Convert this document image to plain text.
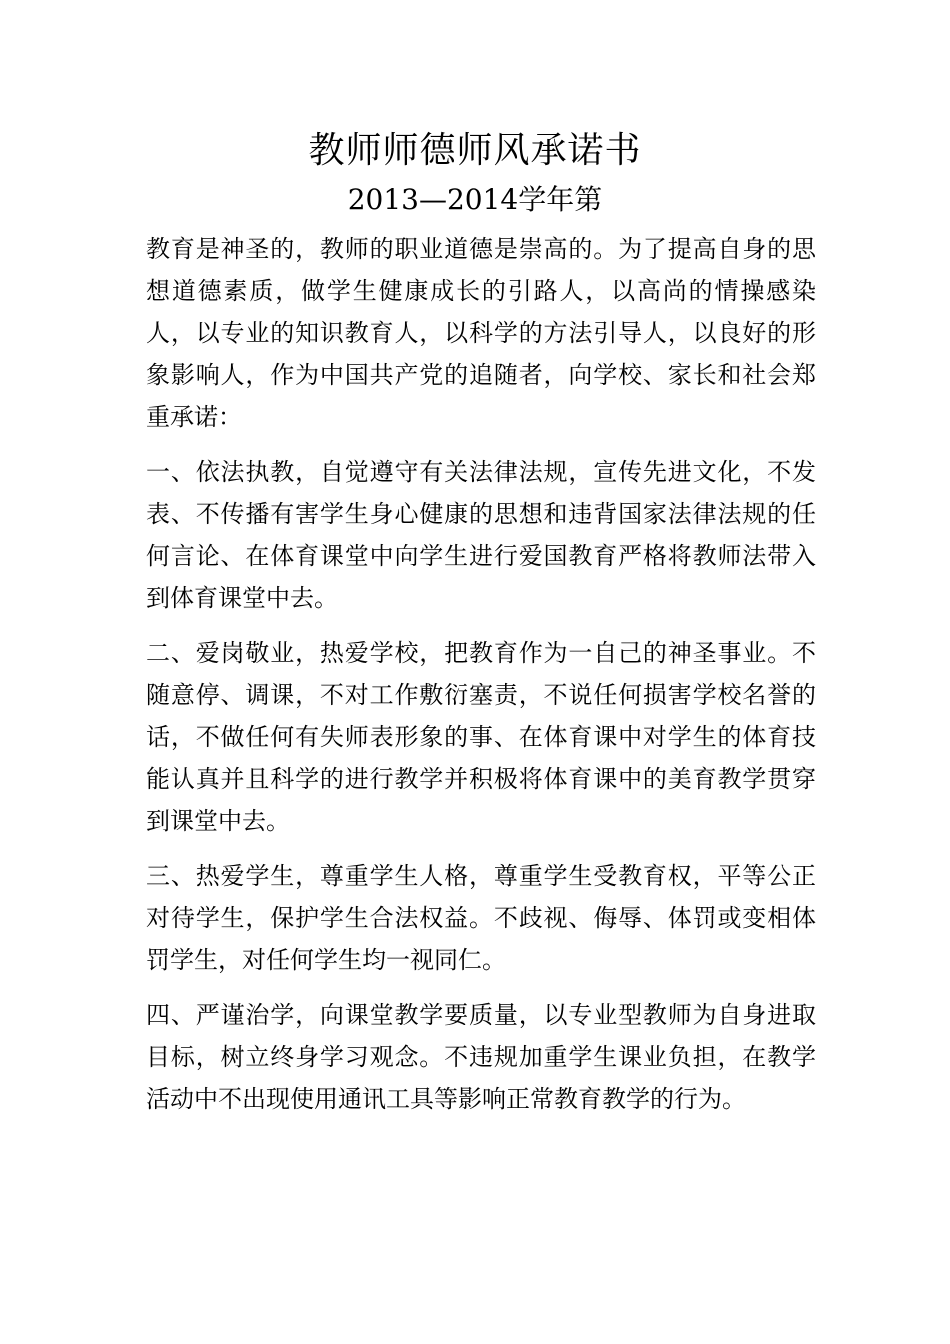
教师师德师风承诺书
2013—2014学年第

教育是神圣的，教师的职业道德是崇高的。为了提高自身的思想道德素质，做学生健康成长的引路人，以高尚的情操感染人，以专业的知识教育人，以科学的方法引导人，以良好的形象影响人，作为中国共产党的追随者，向学校、家长和社会郑重承诺：

一、依法执教，自觉遵守有关法律法规，宣传先进文化，不发表、不传播有害学生身心健康的思想和违背国家法律法规的任何言论、在体育课堂中向学生进行爱国教育严格将教师法带入到体育课堂中去。

二、爱岗敬业，热爱学校，把教育作为一自己的神圣事业。不随意停、调课，不对工作敷衍塞责，不说任何损害学校名誉的话，不做任何有失师表形象的事、在体育课中对学生的体育技能认真并且科学的进行教学并积极将体育课中的美育教学贯穿到课堂中去。

三、热爱学生，尊重学生人格，尊重学生受教育权，平等公正对待学生，保护学生合法权益。不歧视、侮辱、体罚或变相体罚学生，对任何学生均一视同仁。

四、严谨治学，向课堂教学要质量，以专业型教师为自身进取目标，树立终身学习观念。不违规加重学生课业负担，在教学活动中不出现使用通讯工具等影响正常教育教学的行为。
